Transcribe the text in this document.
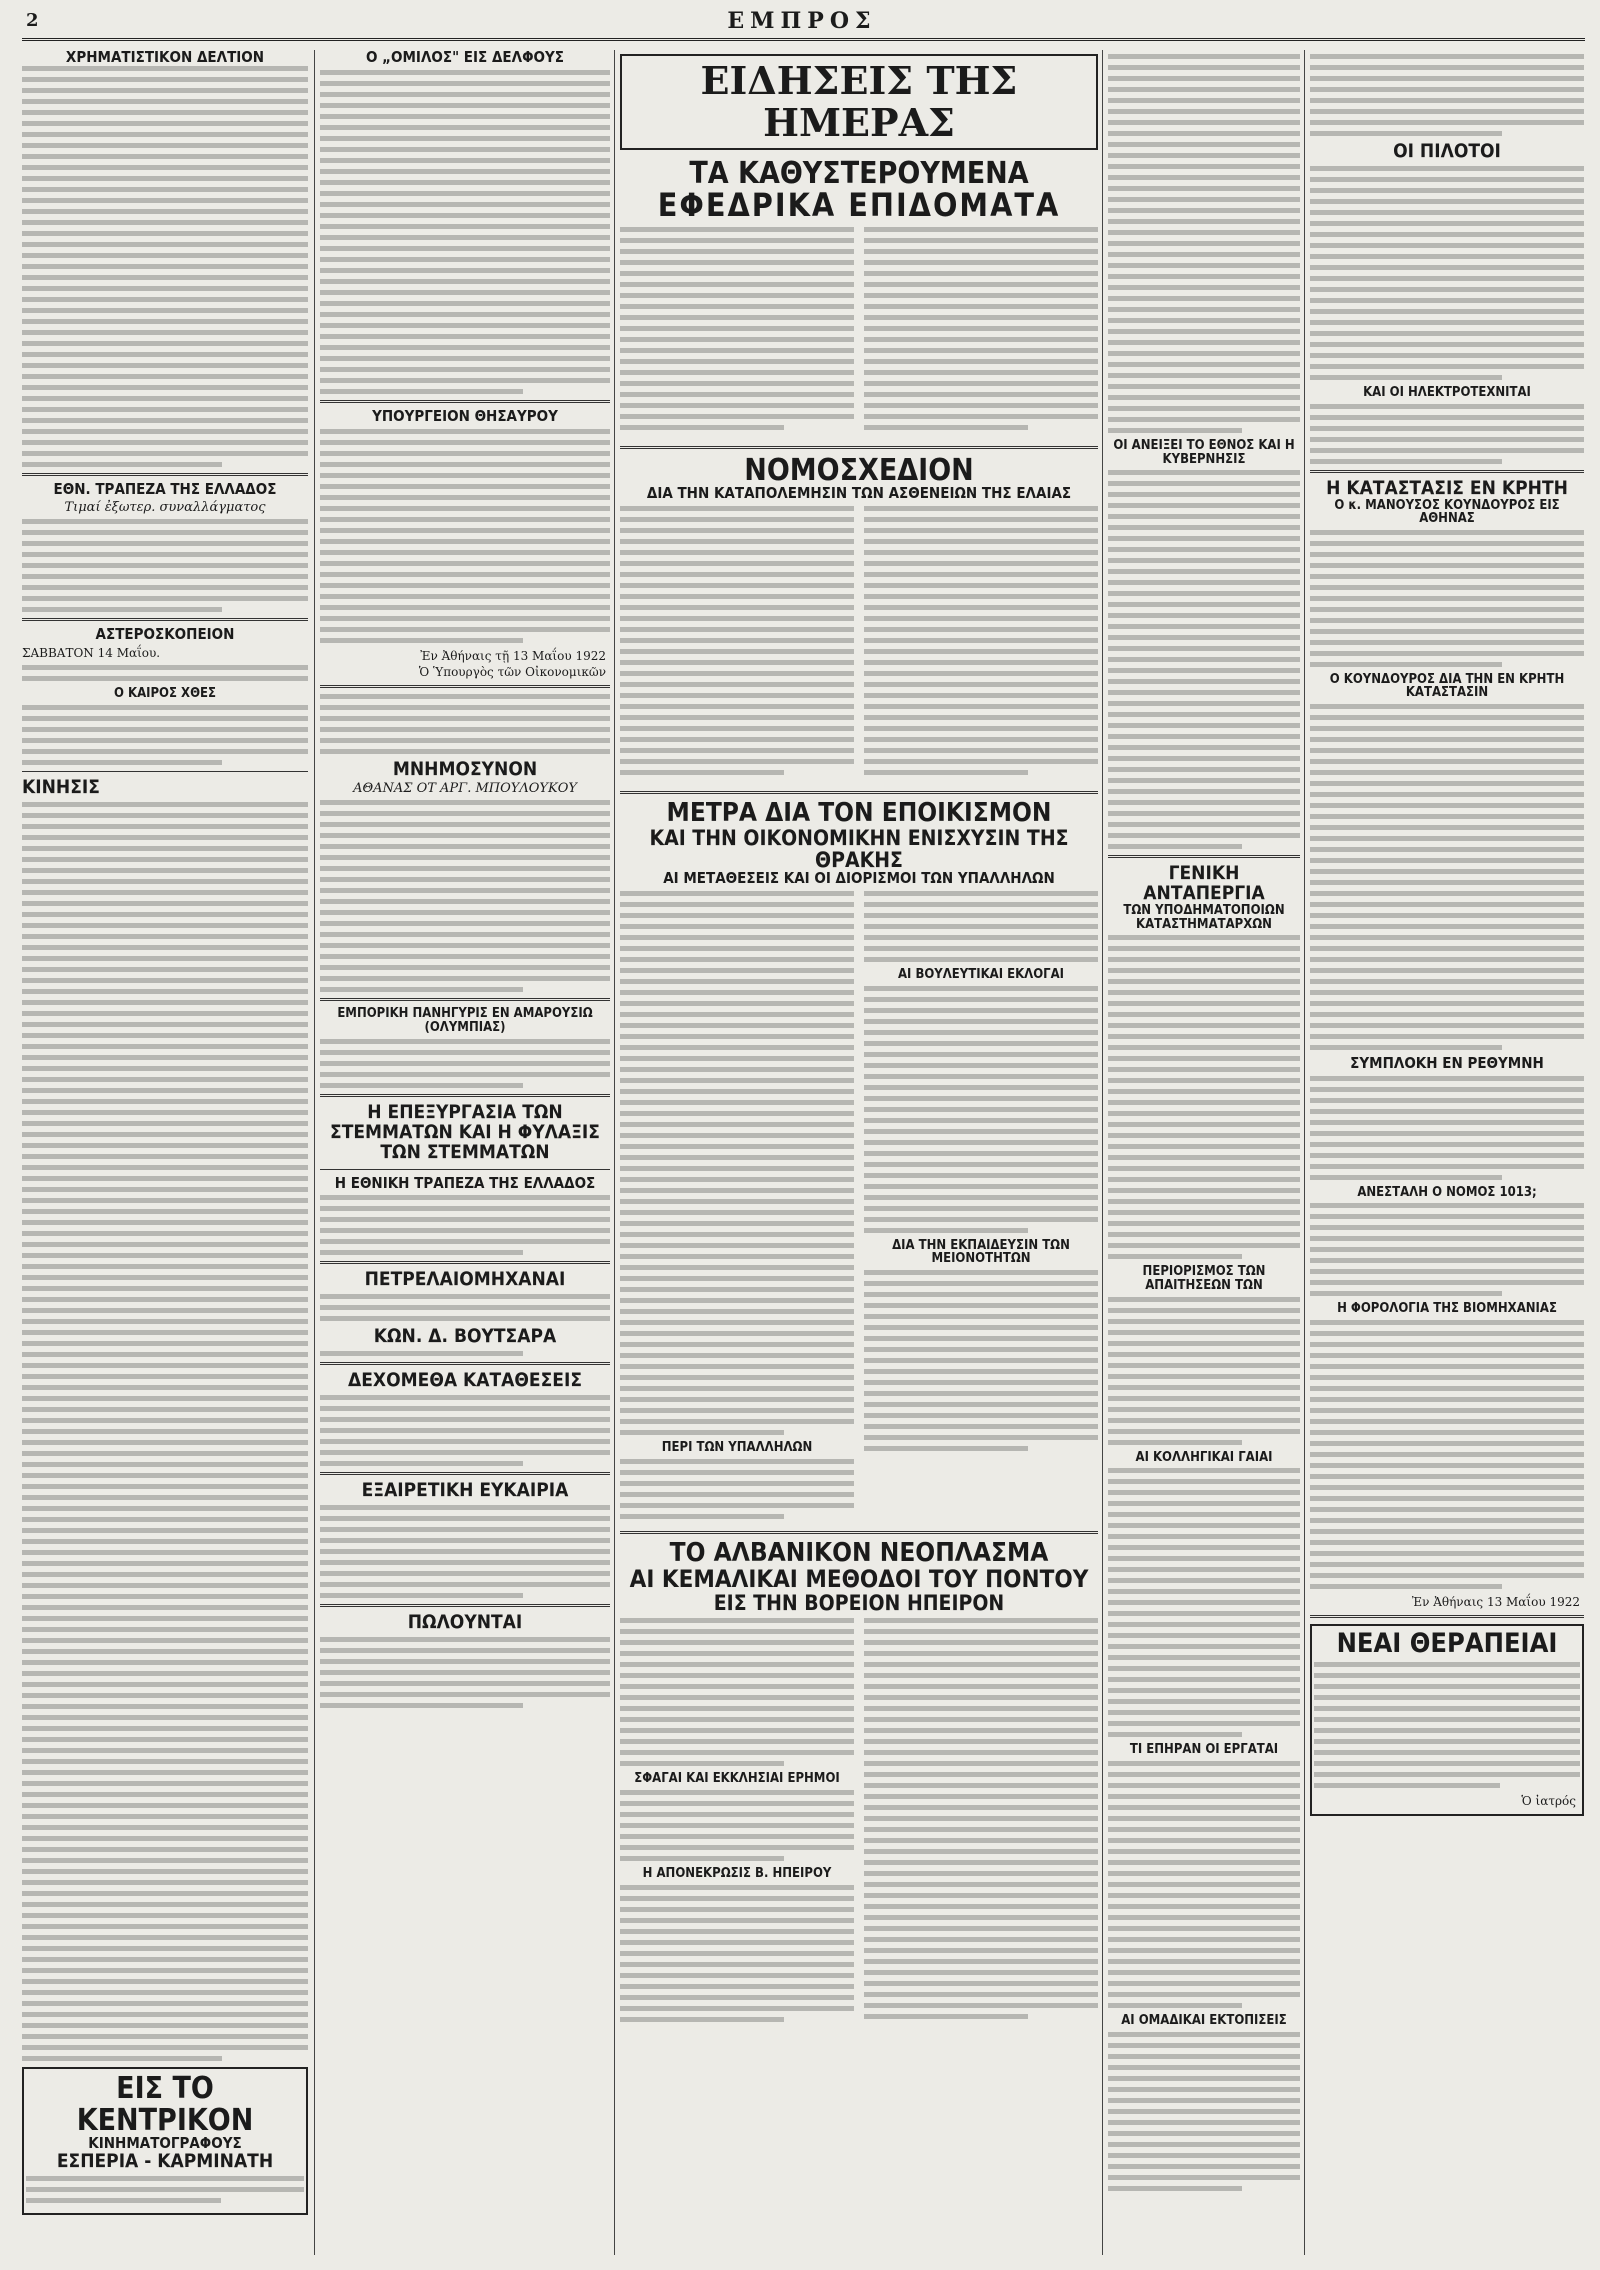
2	ΕΜΠΡΟΣ
ΧΡΗΜΑΤΙΣΤΙΚΟΝ ΔΕΛΤΙΟΝ
ΕΘΝ. ΤΡΑΠΕΖΑ ΤΗΣ ΕΛΛΑΔΟΣ
Τιμαί ἐξωτερ. συναλλάγματος
ΑΣΤΕΡΟΣΚΟΠΕΙΟΝ
ΣΑΒΒΑΤΟΝ 14 Μαΐου.
Ο ΚΑΙΡΟΣ ΧΘΕΣ
ΚΙΝΗΣΙΣ
ΕΙΣ ΤΟ ΚΕΝΤΡΙΚΟΝ
ΚΙΝΗΜΑΤΟΓΡΑΦΟΥΣ
ΕΣΠΕΡΙΑ - ΚΑΡΜΙΝΑΤΗ
Ο „ΟΜΙΛΟΣ" ΕΙΣ ΔΕΛΦΟΥΣ
ΥΠΟΥΡΓΕΙΟΝ ΘΗΣΑΥΡΟΥ
Ἐν Ἀθήναις τῇ 13 Μαΐου 1922
Ὁ Ὑπουργὸς τῶν Οἰκονομικῶν
ΜΝΗΜΟΣΥΝΟΝ
ΑΘΑΝΑΣ ΟΤ ΑΡΓ. ΜΠΟΥΛΟΥΚΟΥ
ΕΜΠΟΡΙΚΗ ΠΑΝΗΓΥΡΙΣ ΕΝ ΑΜΑΡΟΥΣΙΩ
(ΟΛΥΜΠΙΑΣ)
Η ΕΠΕΞΥΡΓΑΣΙΑ ΤΩΝ ΣΤΕΜΜΑΤΩΝ ΚΑΙ Η ΦΥΛΑΞΙΣ ΤΩΝ ΣΤΕΜΜΑΤΩΝ
Η ΕΘΝΙΚΗ ΤΡΑΠΕΖΑ ΤΗΣ ΕΛΛΑΔΟΣ
ΠΕΤΡΕΛΑΙΟΜΗΧΑΝΑΙ
ΚΩΝ. Δ. ΒΟΥΤΣΑΡΑ
ΔΕΧΟΜΕΘΑ ΚΑΤΑΘΕΣΕΙΣ
ΕΞΑΙΡΕΤΙΚΗ ΕΥΚΑΙΡΙΑ
ΠΩΛΟΥΝΤΑΙ
ΕΙΔΗΣΕΙΣ ΤΗΣ ΗΜΕΡΑΣ
ΤΑ ΚΑΘΥΣΤΕΡΟΥΜΕΝΑ
ΕΦΕΔΡΙΚΑ ΕΠΙΔΟΜΑΤΑ
ΝΟΜΟΣΧΕΔΙΟΝ
ΔΙΑ ΤΗΝ ΚΑΤΑΠΟΛΕΜΗΣΙΝ ΤΩΝ ΑΣΘΕΝΕΙΩΝ ΤΗΣ ΕΛΑΙΑΣ
ΜΕΤΡΑ ΔΙΑ ΤΟΝ ΕΠΟΙΚΙΣΜΟΝ
ΚΑΙ ΤΗΝ ΟΙΚΟΝΟΜΙΚΗΝ ΕΝΙΣΧΥΣΙΝ ΤΗΣ ΘΡΑΚΗΣ
ΑΙ ΜΕΤΑΘΕΣΕΙΣ ΚΑΙ ΟΙ ΔΙΟΡΙΣΜΟΙ ΤΩΝ ΥΠΑΛΛΗΛΩΝ
ΠΕΡΙ ΤΩΝ ΥΠΑΛΛΗΛΩΝ
ΑΙ ΒΟΥΛΕΥΤΙΚΑΙ ΕΚΛΟΓΑΙ
ΔΙΑ ΤΗΝ ΕΚΠΑΙΔΕΥΣΙΝ ΤΩΝ ΜΕΙΟΝΟΤΗΤΩΝ
ΤΟ ΑΛΒΑΝΙΚΟΝ ΝΕΟΠΛΑΣΜΑ
ΑΙ ΚΕΜΑΛΙΚΑΙ ΜΕΘΟΔΟΙ ΤΟΥ ΠΟΝΤΟΥ
ΕΙΣ ΤΗΝ ΒΟΡΕΙΟΝ ΗΠΕΙΡΟΝ
ΣΦΑΓΑΙ ΚΑΙ ΕΚΚΛΗΣΙΑΙ ΕΡΗΜΟΙ
Η ΑΠΟΝΕΚΡΩΣΙΣ Β. ΗΠΕΙΡΟΥ
ΟΙ ΑΝΕΙΞΕΙ ΤΟ ΕΘΝΟΣ ΚΑΙ Η ΚΥΒΕΡΝΗΣΙΣ
ΓΕΝΙΚΗ ΑΝΤΑΠΕΡΓΙΑ
ΤΩΝ ΥΠΟΔΗΜΑΤΟΠΟΙΩΝ ΚΑΤΑΣΤΗΜΑΤΑΡΧΩΝ
ΠΕΡΙΟΡΙΣΜΟΣ ΤΩΝ ΑΠΑΙΤΗΣΕΩΝ ΤΩΝ
ΑΙ ΚΟΛΛΗΓΙΚΑΙ ΓΑΙΑΙ
ΤΙ ΕΠΗΡΑΝ ΟΙ ΕΡΓΑΤΑΙ
ΑΙ ΟΜΑΔΙΚΑΙ ΕΚΤΟΠΙΣΕΙΣ
ΟΙ ΠΙΛΟΤΟΙ
ΚΑΙ ΟΙ ΗΛΕΚΤΡΟΤΕΧΝΙΤΑΙ
Η ΚΑΤΑΣΤΑΣΙΣ ΕΝ ΚΡΗΤΗ
Ο κ. ΜΑΝΟΥΣΟΣ ΚΟΥΝΔΟΥΡΟΣ ΕΙΣ ΑΘΗΝΑΣ
Ο ΚΟΥΝΔΟΥΡΟΣ ΔΙΑ ΤΗΝ ΕΝ ΚΡΗΤΗ ΚΑΤΑΣΤΑΣΙΝ
ΣΥΜΠΛΟΚΗ ΕΝ ΡΕΘΥΜΝΗ
ΑΝΕΣΤΑΛΗ Ο ΝΟΜΟΣ 1013;
Η ΦΟΡΟΛΟΓΙΑ ΤΗΣ ΒΙΟΜΗΧΑΝΙΑΣ
Ἐν Ἀθήναις 13 Μαΐου 1922
ΝΕΑΙ ΘΕΡΑΠΕΙΑΙ
Ὁ ἰατρός
